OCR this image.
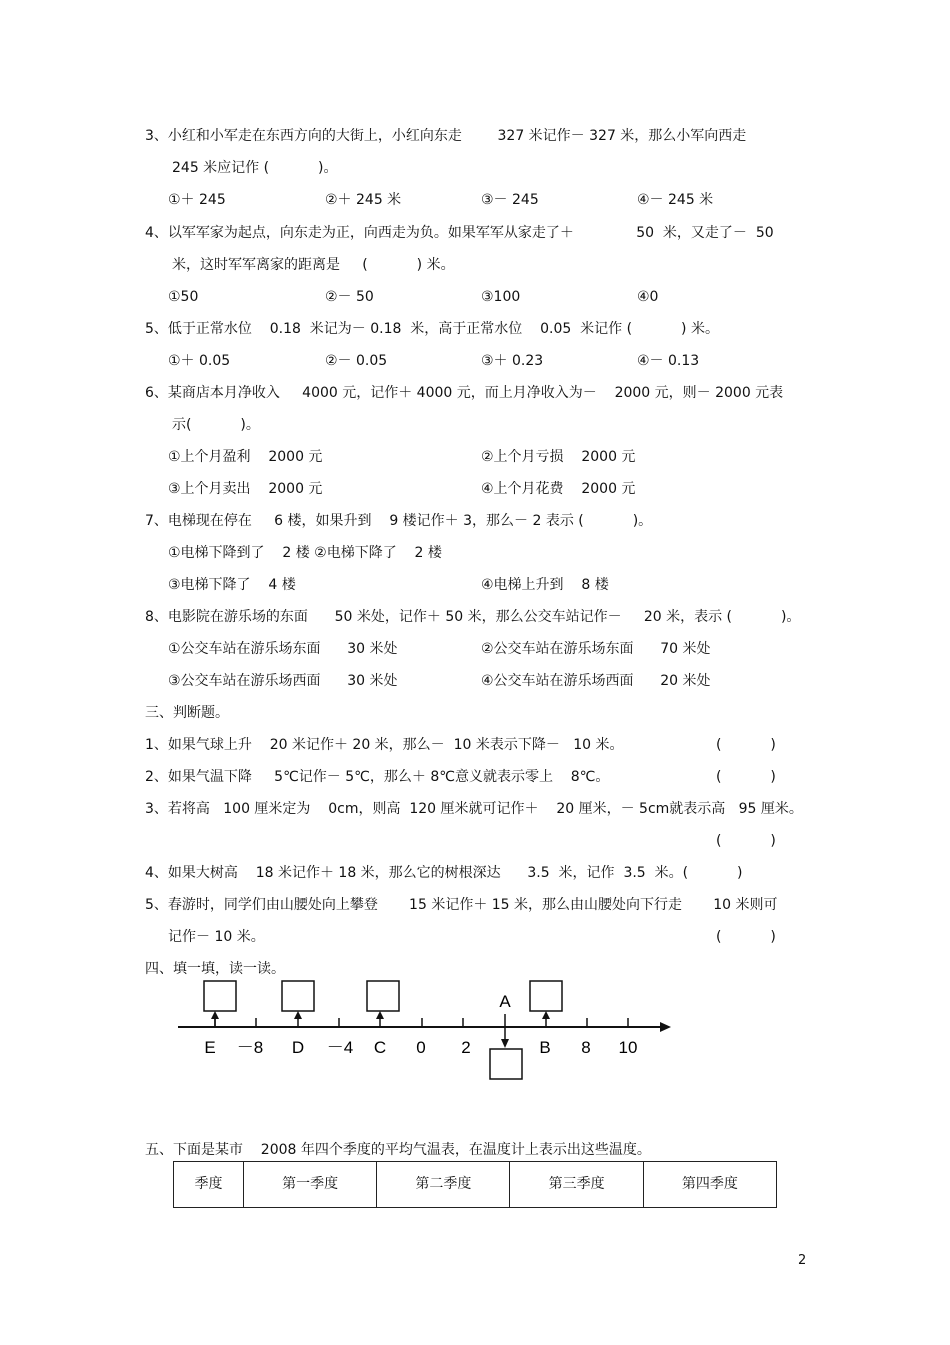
3、小红和小军走在东西方向的大街上，小红向东走        327 米记作－ 327 米，那么小军向西走
245 米应记作 (           )。
①＋ 245	②＋ 245 米	③－ 245	④－ 245 米
4、以军军家为起点，向东走为正，向西走为负。如果军军从家走了＋              50  米，又走了－  50
米，这时军军离家的距离是     (           ) 米。
①50	②－ 50	③100	④0
5、低于正常水位    0.18  米记为－ 0.18  米，高于正常水位    0.05  米记作 (           ) 米。
①＋ 0.05	②－ 0.05	③＋ 0.23	④－ 0.13
6、某商店本月净收入     4000 元，记作＋ 4000 元，而上月净收入为－    2000 元，则－ 2000 元表
示(           )。
①上个月盈利    2000 元	②上个月亏损    2000 元
③上个月卖出    2000 元	④上个月花费    2000 元
7、电梯现在停在     6 楼，如果升到    9 楼记作＋ 3，那么－ 2 表示 (           )。
①电梯下降到了    2 楼 ②电梯下降了    2 楼
③电梯下降了    4 楼	④电梯上升到    8 楼
8、电影院在游乐场的东面      50 米处，记作＋ 50 米，那么公交车站记作－     20 米，表示 (           )。
①公交车站在游乐场东面      30 米处	②公交车站在游乐场东面      70 米处
③公交车站在游乐场西面      30 米处	④公交车站在游乐场西面      20 米处
三、判断题。
1、如果气球上升    20 米记作＋ 20 米，那么－  10 米表示下降－   10 米。	(           )
2、如果气温下降     5℃记作－ 5℃，那么＋ 8℃意义就表示零上    8℃。	(           )
3、若将高   100 厘米定为    0cm，则高  120 厘米就可记作＋    20 厘米，－ 5cm就表示高   95 厘米。
(           )
4、如果大树高    18 米记作＋ 18 米，那么它的树根深达      3.5  米，记作  3.5  米。(           )
5、春游时，同学们由山腰处向上攀登       15 米记作＋ 15 米，那么由山腰处向下行走       10 米则可
记作－ 10 米。	(           )
四、填一填，读一读。
A
E －8 D －4 C 0 2	B 8 10
五、下面是某市    2008 年四个季度的平均气温表，在温度计上表示出这些温度。
季度	第一季度	第二季度	第三季度	第四季度
2
